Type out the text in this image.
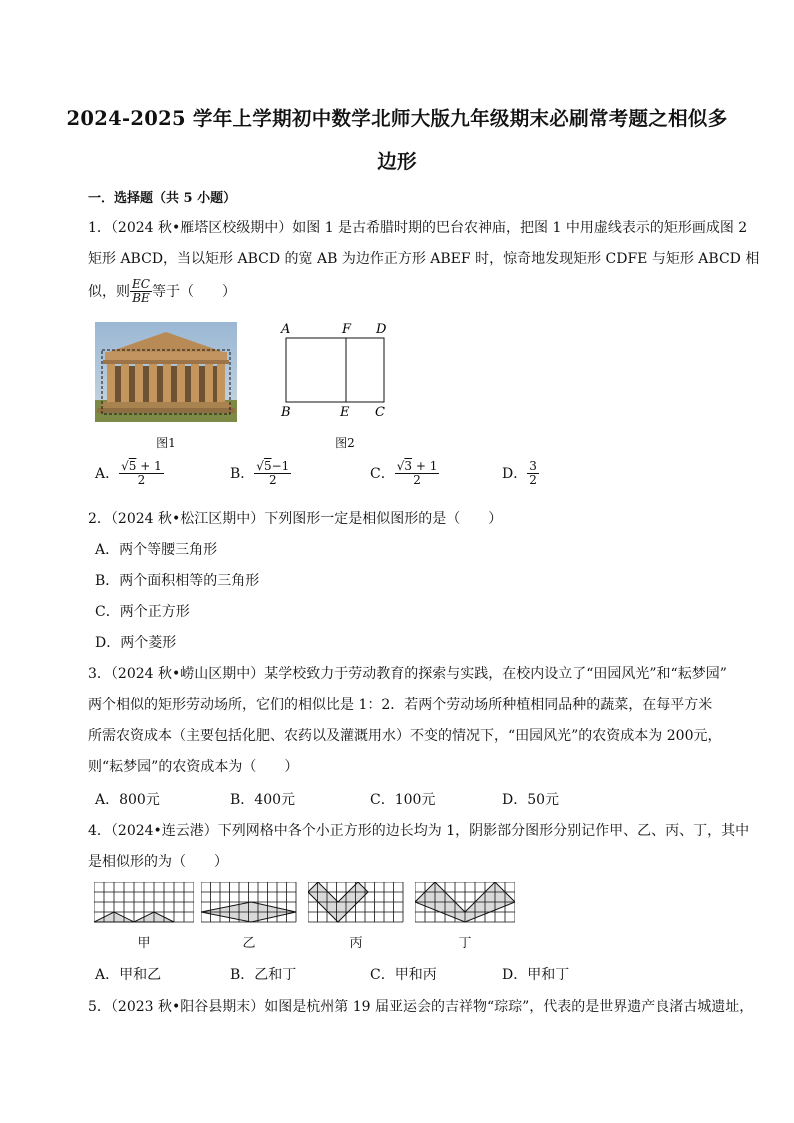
2024-2025 学年上学期初中数学北师大版九年级期末必刷常考题之相似多
边形
一．选择题（共 5 小题）
1．（2024 秋•雁塔区校级期中）如图 1 是古希腊时期的巴台农神庙，把图 1 中用虚线表示的矩形画成图 2
矩形 ABCD，当以矩形 ABCD 的宽 AB 为边作正方形 ABEF 时，惊奇地发现矩形 CDFE 与矩形 ABCD 相
似，则 $\frac{EC}{BE}$ 等于（　　）
图1
A	F D
B	E C
图2
A． $\frac{√5 + 1}{2}$	B． $\frac{√5-1}{2}$	C． $\frac{√3 + 1}{2}$	D． $\frac{3}{2}$
2．（2024 秋•松江区期中）下列图形一定是相似图形的是（　　）
A．两个等腰三角形
B．两个面积相等的三角形
C．两个正方形
D．两个菱形
3．（2024 秋•崂山区期中）某学校致力于劳动教育的探索与实践，在校内设立了“田园风光”和“耘梦园”
两个相似的矩形劳动场所，它们的相似比是 1：2．若两个劳动场所种植相同品种的蔬菜，在每平方米
所需农资成本（主要包括化肥、农药以及灌溉用水）不变的情况下，“田园风光”的农资成本为 200元，
则“耘梦园”的农资成本为（　　）
A．800元	B．400元	C．100元	D．50元
4．（2024•连云港）下列网格中各个小正方形的边长均为 1，阴影部分图形分别记作甲、乙、丙、丁，其中
是相似形的为（　　）
甲	乙	丙	丁
A．甲和乙	B．乙和丁	C．甲和丙	D．甲和丁
5．（2023 秋•阳谷县期末）如图是杭州第 19 届亚运会的吉祥物“琮琮”，代表的是世界遗产良渚古城遗址，
